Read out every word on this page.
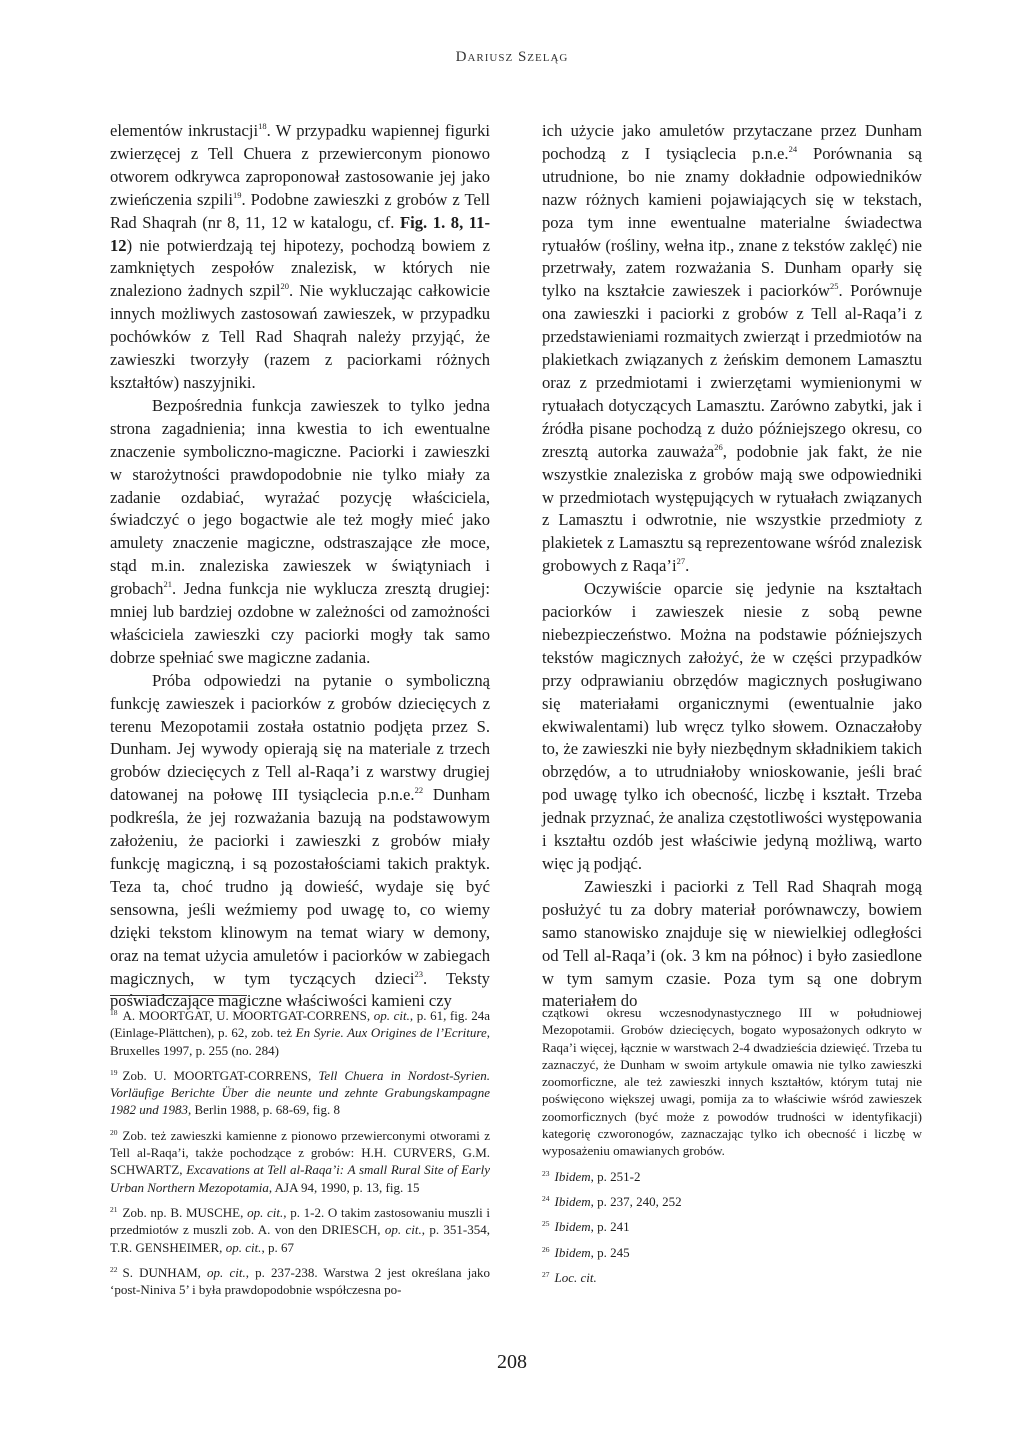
Dariusz Szeląg

elementów inkrustacji$^{18}$. W przypadku wapiennej figurki zwierzęcej z Tell Chuera z przewierconym pionowo otworem odkrywca zaproponował zastosowanie jej jako zwieńczenia szpili$^{19}$. Podobne zawieszki z grobów z Tell Rad Shaqrah (nr 8, 11, 12 w katalogu, cf. Fig. 1. 8, 11-12) nie potwierdzają tej hipotezy, pochodzą bowiem z zamkniętych zespołów znalezisk, w których nie znaleziono żadnych szpil$^{20}$. Nie wykluczając całkowicie innych możliwych zastosowań zawieszek, w przypadku pochówków z Tell Rad Shaqrah należy przyjąć, że zawieszki tworzyły (razem z paciorkami różnych kształtów) naszyjniki.

Bezpośrednia funkcja zawieszek to tylko jedna strona zagadnienia; inna kwestia to ich ewentualne znaczenie symboliczno-magiczne. Paciorki i zawieszki w starożytności prawdopodobnie nie tylko miały za zadanie ozdabiać, wyrażać pozycję właściciela, świadczyć o jego bogactwie ale też mogły mieć jako amulety znaczenie magiczne, odstraszające złe moce, stąd m.in. znaleziska zawieszek w świątyniach i grobach$^{21}$. Jedna funkcja nie wyklucza zresztą drugiej: mniej lub bardziej ozdobne w zależności od zamożności właściciela zawieszki czy paciorki mogły tak samo dobrze spełniać swe magiczne zadania.

Próba odpowiedzi na pytanie o symboliczną funkcję zawieszek i paciorków z grobów dziecięcych z terenu Mezopotamii została ostatnio podjęta przez S. Dunham. Jej wywody opierają się na materiale z trzech grobów dziecięcych z Tell al-Raqa’i z warstwy drugiej datowanej na połowę III tysiąclecia p.n.e.$^{22}$ Dunham podkreśla, że jej rozważania bazują na podstawowym założeniu, że paciorki i zawieszki z grobów miały funkcję magiczną, i są pozostałościami takich praktyk. Teza ta, choć trudno ją dowieść, wydaje się być sensowna, jeśli weźmiemy pod uwagę to, co wiemy dzięki tekstom klinowym na temat wiary w demony, oraz na temat użycia amuletów i paciorków w zabiegach magicznych, w tym tyczących dzieci$^{23}$. Teksty poświadczające magiczne właściwości kamieni czy

ich użycie jako amuletów przytaczane przez Dunham pochodzą z I tysiąclecia p.n.e.$^{24}$ Porównania są utrudnione, bo nie znamy dokładnie odpowiedników nazw różnych kamieni pojawiających się w tekstach, poza tym inne ewentualne materialne świadectwa rytuałów (rośliny, wełna itp., znane z tekstów zaklęć) nie przetrwały, zatem rozważania S. Dunham oparły się tylko na kształcie zawieszek i paciorków$^{25}$. Porównuje ona zawieszki i paciorki z grobów z Tell al-Raqa’i z przedstawieniami rozmaitych zwierząt i przedmiotów na plakietkach związanych z żeńskim demonem Lamasztu oraz z przedmiotami i zwierzętami wymienionymi w rytuałach dotyczących Lamasztu. Zarówno zabytki, jak i źródła pisane pochodzą z dużo późniejszego okresu, co zresztą autorka zauważa$^{26}$, podobnie jak fakt, że nie wszystkie znaleziska z grobów mają swe odpowiedniki w przedmiotach występujących w rytuałach związanych z Lamasztu i odwrotnie, nie wszystkie przedmioty z plakietek z Lamasztu są reprezentowane wśród znalezisk grobowych z $Raqa’i^{27}$.

Oczywiście oparcie się jedynie na kształtach paciorków i zawieszek niesie z sobą pewne niebezpieczeństwo. Można na podstawie późniejszych tekstów magicznych założyć, że w części przypadków przy odprawianiu obrzędów magicznych posługiwano się materiałami organicznymi (ewentualnie jako ekwiwalentami) lub wręcz tylko słowem. Oznaczałoby to, że zawieszki nie były niezbędnym składnikiem takich obrzędów, a to utrudniałoby wnioskowanie, jeśli brać pod uwagę tylko ich obecność, liczbę i kształt. Trzeba jednak przyznać, że analiza częstotliwości występowania i kształtu ozdób jest właściwie jedyną możliwą, warto więc ją podjąć.

Zawieszki i paciorki z Tell Rad Shaqrah mogą posłużyć tu za dobry materiał porównawczy, bowiem samo stanowisko znajduje się w niewielkiej odległości od Tell al-Raqa’i (ok. 3 km na północ) i było zasiedlone w tym samym czasie. Poza tym są one dobrym materiałem do

$^{18}$ A. MOORTGAT, U. MOORTGAT-CORRENS, op. cit., p. 61, fig. 24a (Einlage-Plättchen), p. 62, zob. też En Syrie. Aux Origines de l’Ecriture, Bruxelles 1997, p. 255 (no. 284)

$^{19}$ Zob. U. MOORTGAT-CORRENS, Tell Chuera in Nordost-Syrien. Vorläufige Berichte Über die neunte und zehnte Grabungskampagne 1982 und 1983, Berlin 1988, p. 68-69, fig. 8

$^{20}$ Zob. też zawieszki kamienne z pionowo przewierconymi otworami z Tell al-Raqa’i, także pochodzące z grobów: H.H. CURVERS, G.M. SCHWARTZ, Excavations at Tell al-Raqa’i: A small Rural Site of Early Urban Northern Mezopotamia, AJA 94, 1990, p. 13, fig. 15

$^{21}$ Zob. np. B. MUSCHE, op. cit., p. 1-2. O takim zastosowaniu muszli i przedmiotów z muszli zob. A. von den DRIESCH, op. cit., p. 351-354, T.R. GENSHEIMER, op. cit., p. 67

$^{22}$ S. DUNHAM, op. cit., p. 237-238. Warstwa 2 jest określana jako ‘post-Niniva 5’ i była prawdopodobnie współczesna po-

czątkowi okresu wczesnodynastycznego III w południowej Mezopotamii. Grobów dziecięcych, bogato wyposażonych odkryto w Raqa’i więcej, łącznie w warstwach 2-4 dwadzieścia dziewięć. Trzeba tu zaznaczyć, że Dunham w swoim artykule omawia nie tylko zawieszki zoomorficzne, ale też zawieszki innych kształtów, którym tutaj nie poświęcono większej uwagi, pomija za to właściwie wśród zawieszek zoomorficznych (być może z powodów trudności w identyfikacji) kategorię czworonogów, zaznaczając tylko ich obecność i liczbę w wyposażeniu omawianych grobów.

$^{23}$ Ibidem, p. 251-2

$^{24}$ Ibidem, p. 237, 240, 252

$^{25}$ Ibidem, p. 241

$^{26}$ Ibidem, p. 245

$^{27}$ Loc. cit.

208
